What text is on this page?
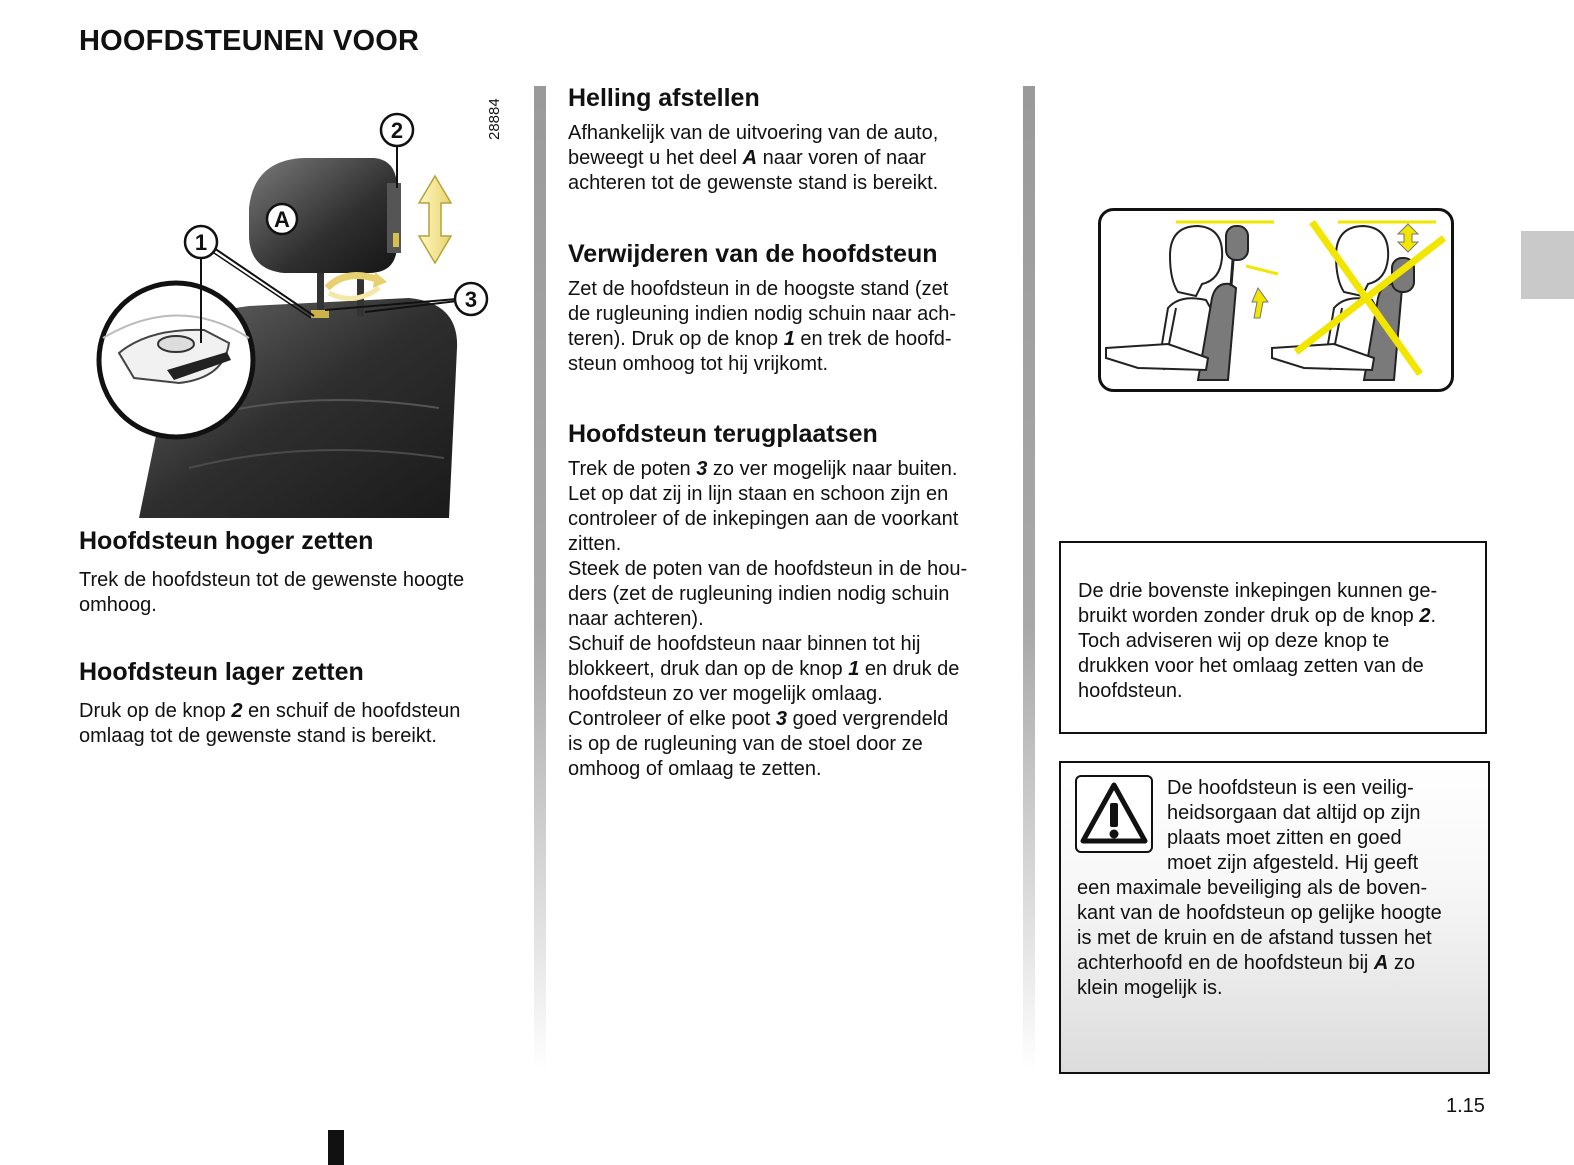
HOOFDSTEUNEN VOOR
2
1
3
A
28884
Hoofdsteun hoger zetten

Trek de hoofdsteun tot de gewenste hoogte

omhoog.

Hoofdsteun lager zetten

Druk op de knop 2 en schuif de hoofdsteun

omlaag tot de gewenste stand is bereikt.

Helling afstellen

Afhankelijk van de uitvoering van de auto,

beweegt u het deel A naar voren of naar

achteren tot de gewenste stand is bereikt.

Verwijderen van de hoofdsteun

Zet de hoofdsteun in de hoogste stand (zet

de rugleuning indien nodig schuin naar ach-

teren). Druk op de knop 1 en trek de hoofd-

steun omhoog tot hij vrijkomt.

Hoofdsteun terugplaatsen

Trek de poten 3 zo ver mogelijk naar buiten.

Let op dat zij in lijn staan en schoon zijn en

controleer of de inkepingen aan de voorkant

zitten.

Steek de poten van de hoofdsteun in de hou-

ders (zet de rugleuning indien nodig schuin

naar achteren).

Schuif de hoofdsteun naar binnen tot hij

blokkeert, druk dan op de knop 1 en druk de

hoofdsteun zo ver mogelijk omlaag.

Controleer of elke poot 3 goed vergrendeld

is op de rugleuning van de stoel door ze

omhoog of omlaag te zetten.

De drie bovenste inkepingen kunnen ge-

bruikt worden zonder druk op de knop 2.

Toch adviseren wij op deze knop te

drukken voor het omlaag zetten van de

hoofdsteun.

De hoofdsteun is een veilig-

heidsorgaan dat altijd op zijn

plaats moet zitten en goed

moet zijn afgesteld. Hij geeft

een maximale beveiliging als de boven-

kant van de hoofdsteun op gelijke hoogte

is met de kruin en de afstand tussen het

achterhoofd en de hoofdsteun bij A zo

klein mogelijk is.

1.15
